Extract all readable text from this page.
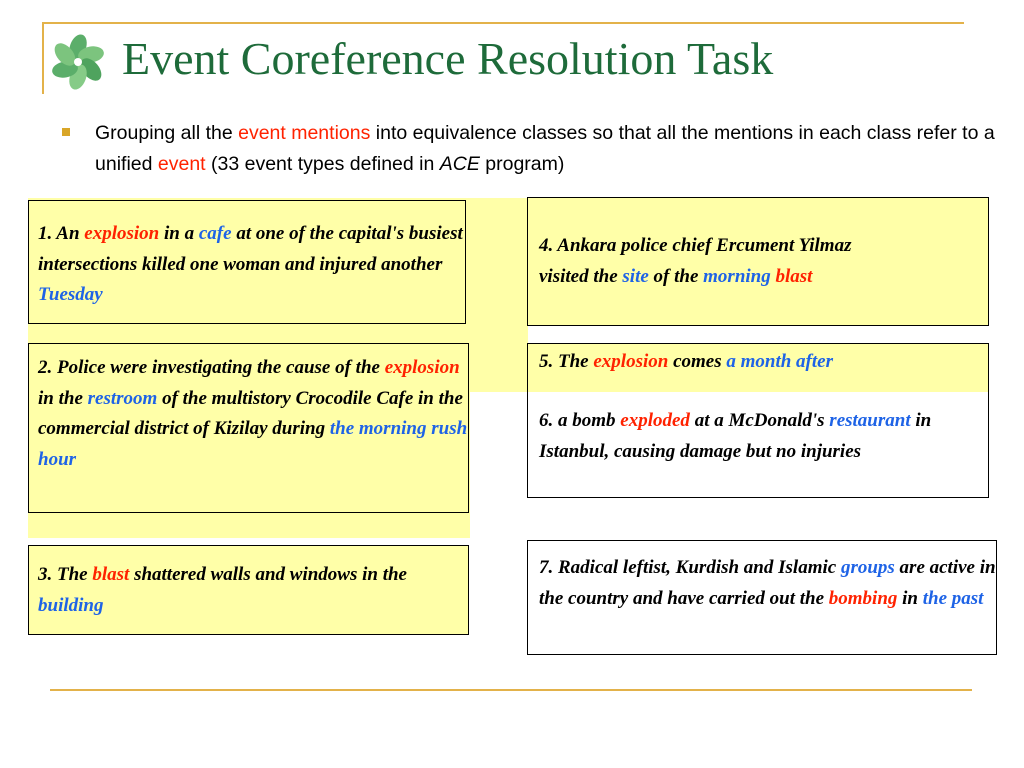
Event Coreference Resolution Task
Grouping all the event mentions into equivalence classes so that all the mentions in each class refer to a unified event (33 event types defined in ACE program)
1. An explosion in a cafe at one of the capital's busiest intersections killed one woman and injured another Tuesday
2. Police were investigating the cause of the explosion in the restroom of the multistory Crocodile Cafe in the commercial district of Kizilay during the morning rush hour
3. The blast shattered walls and windows in the building
4. Ankara police chief Ercument Yilmaz
visited the site of the morning blast
5. The explosion comes a month after
6. a bomb exploded at a McDonald's restaurant in Istanbul, causing damage but no injuries
7. Radical leftist, Kurdish and Islamic groups are active in the country and have carried out the bombing in the past
